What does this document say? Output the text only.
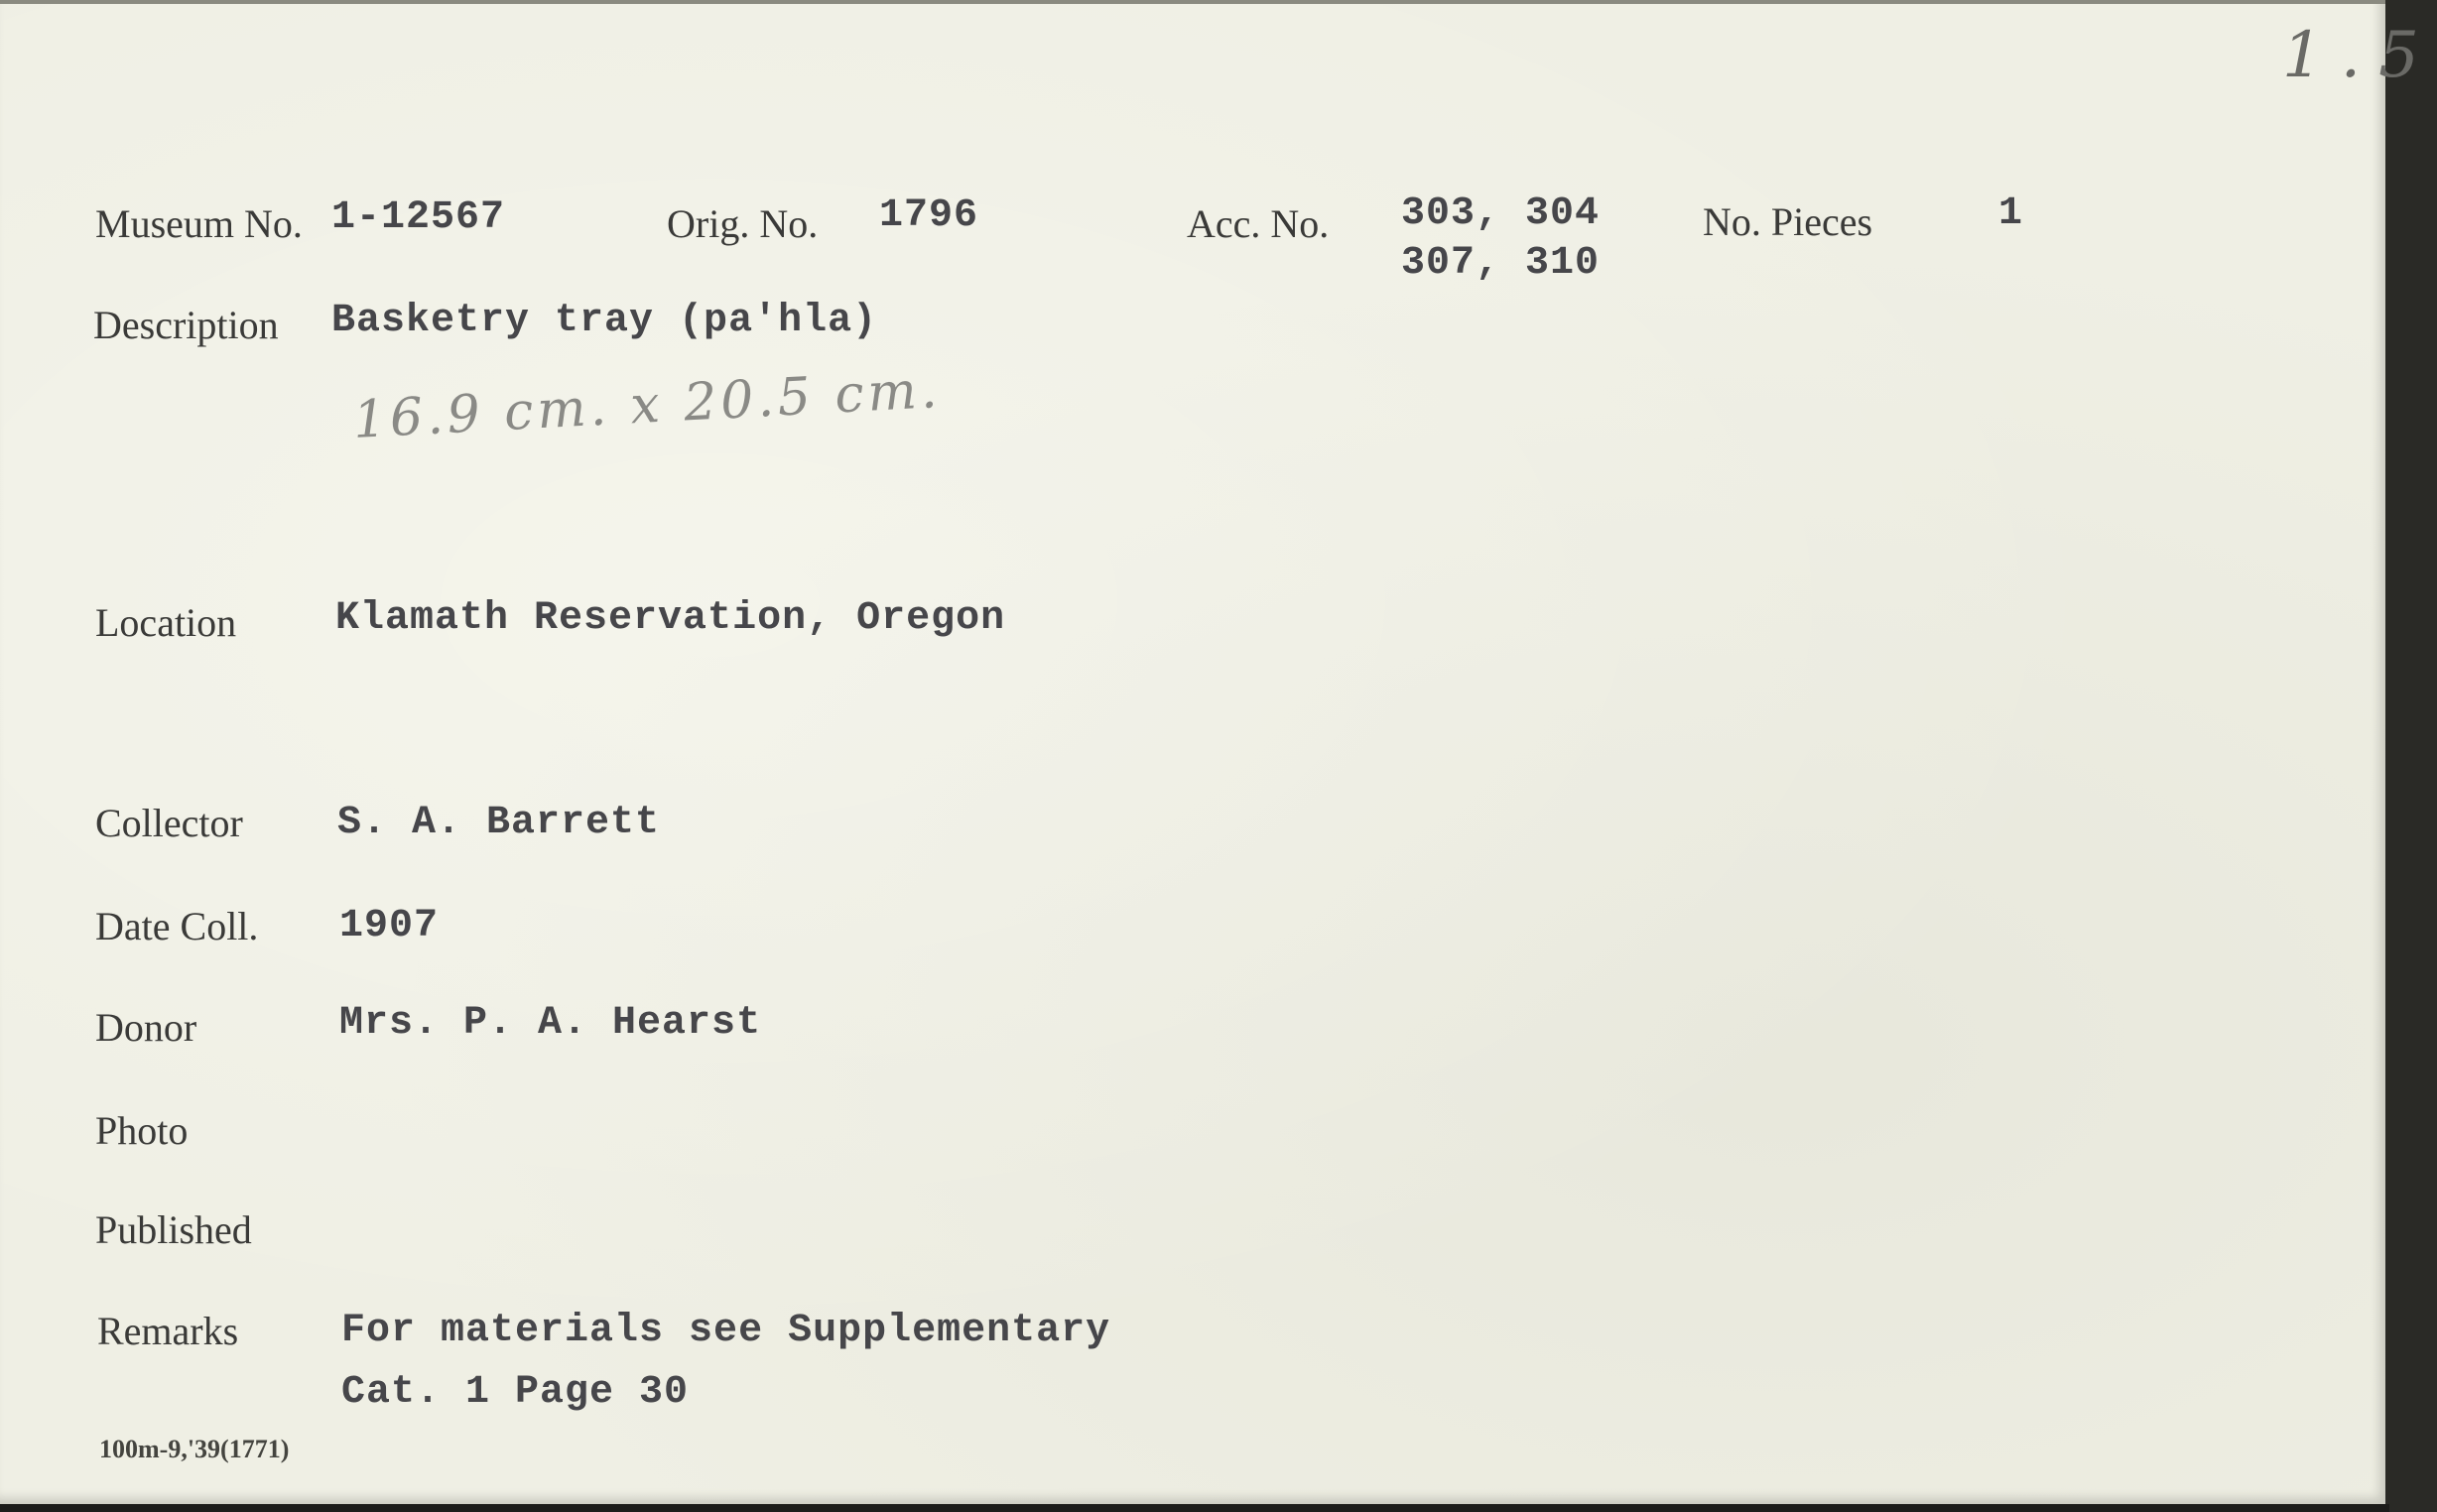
1.5
Museum No. 1-12567	Orig. No. 1796	Acc. No. 303, 304
307, 310
No. Pieces	1
Description Basketry tray (pa'hla)
16.9 cm. x 20.5 cm.
Location Klamath Reservation, Oregon
Collector S. A. Barrett
Date Coll. 1907
Donor	Mrs. P. A. Hearst
Photo
Published
Remarks	For materials see Supplementary
Cat. 1 Page 30
100m-9,'39(1771)
